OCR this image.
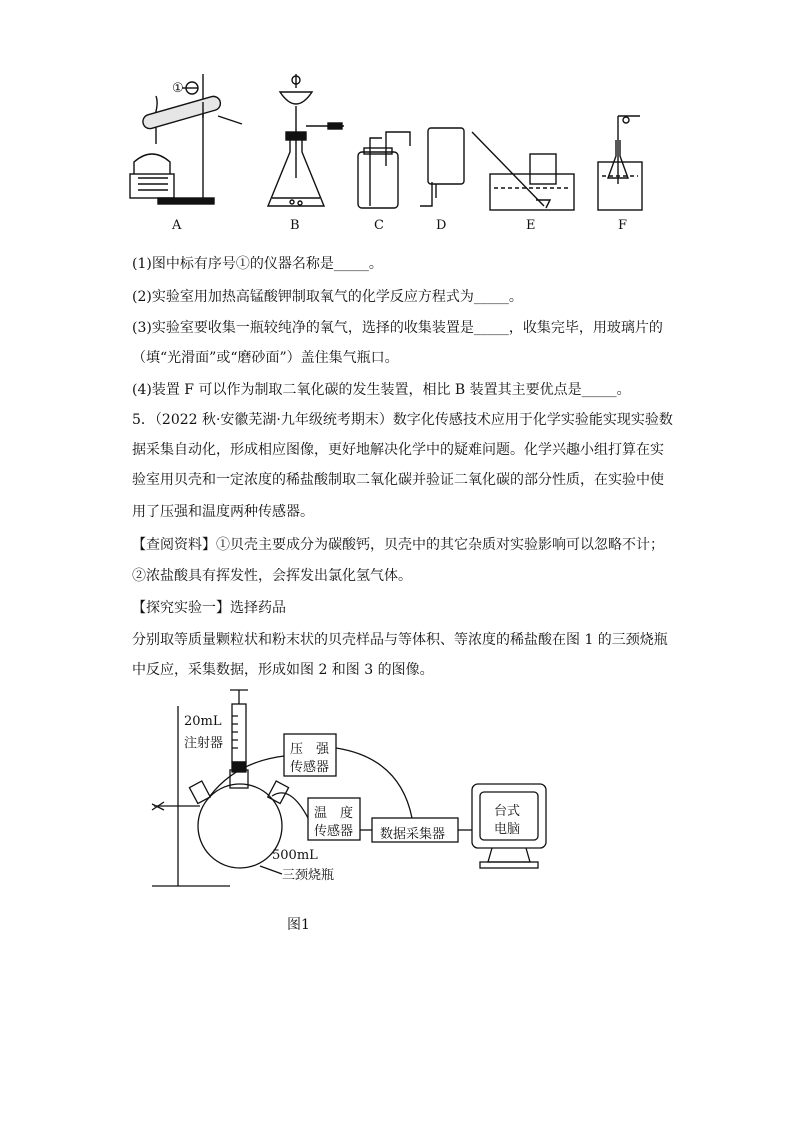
①
A	B	C	D	E	F
(1)图中标有序号①的仪器名称是_____。
(2)实验室用加热高锰酸钾制取氧气的化学反应方程式为_____。
(3)实验室要收集一瓶较纯净的氧气，选择的收集装置是_____，收集完毕，用玻璃片的
（填“光滑面”或“磨砂面”）盖住集气瓶口。
(4)装置 F 可以作为制取二氧化碳的发生装置，相比 B 装置其主要优点是_____。
5．（2022 秋·安徽芜湖·九年级统考期末）数字化传感技术应用于化学实验能实现实验数
据采集自动化，形成相应图像，更好地解决化学中的疑难问题。化学兴趣小组打算在实
验室用贝壳和一定浓度的稀盐酸制取二氧化碳并验证二氧化碳的部分性质，在实验中使
用了压强和温度两种传感器。
【查阅资料】①贝壳主要成分为碳酸钙，贝壳中的其它杂质对实验影响可以忽略不计；
②浓盐酸具有挥发性，会挥发出氯化氢气体。
【探究实验一】选择药品
分别取等质量颗粒状和粉末状的贝壳样品与等体积、等浓度的稀盐酸在图 1 的三颈烧瓶
中反应，采集数据，形成如图 2 和图 3 的图像。
20mL
注射器	压　强
传感器
温　度
传感器 数据采集器
台式
电脑
500mL
三颈烧瓶
图1
